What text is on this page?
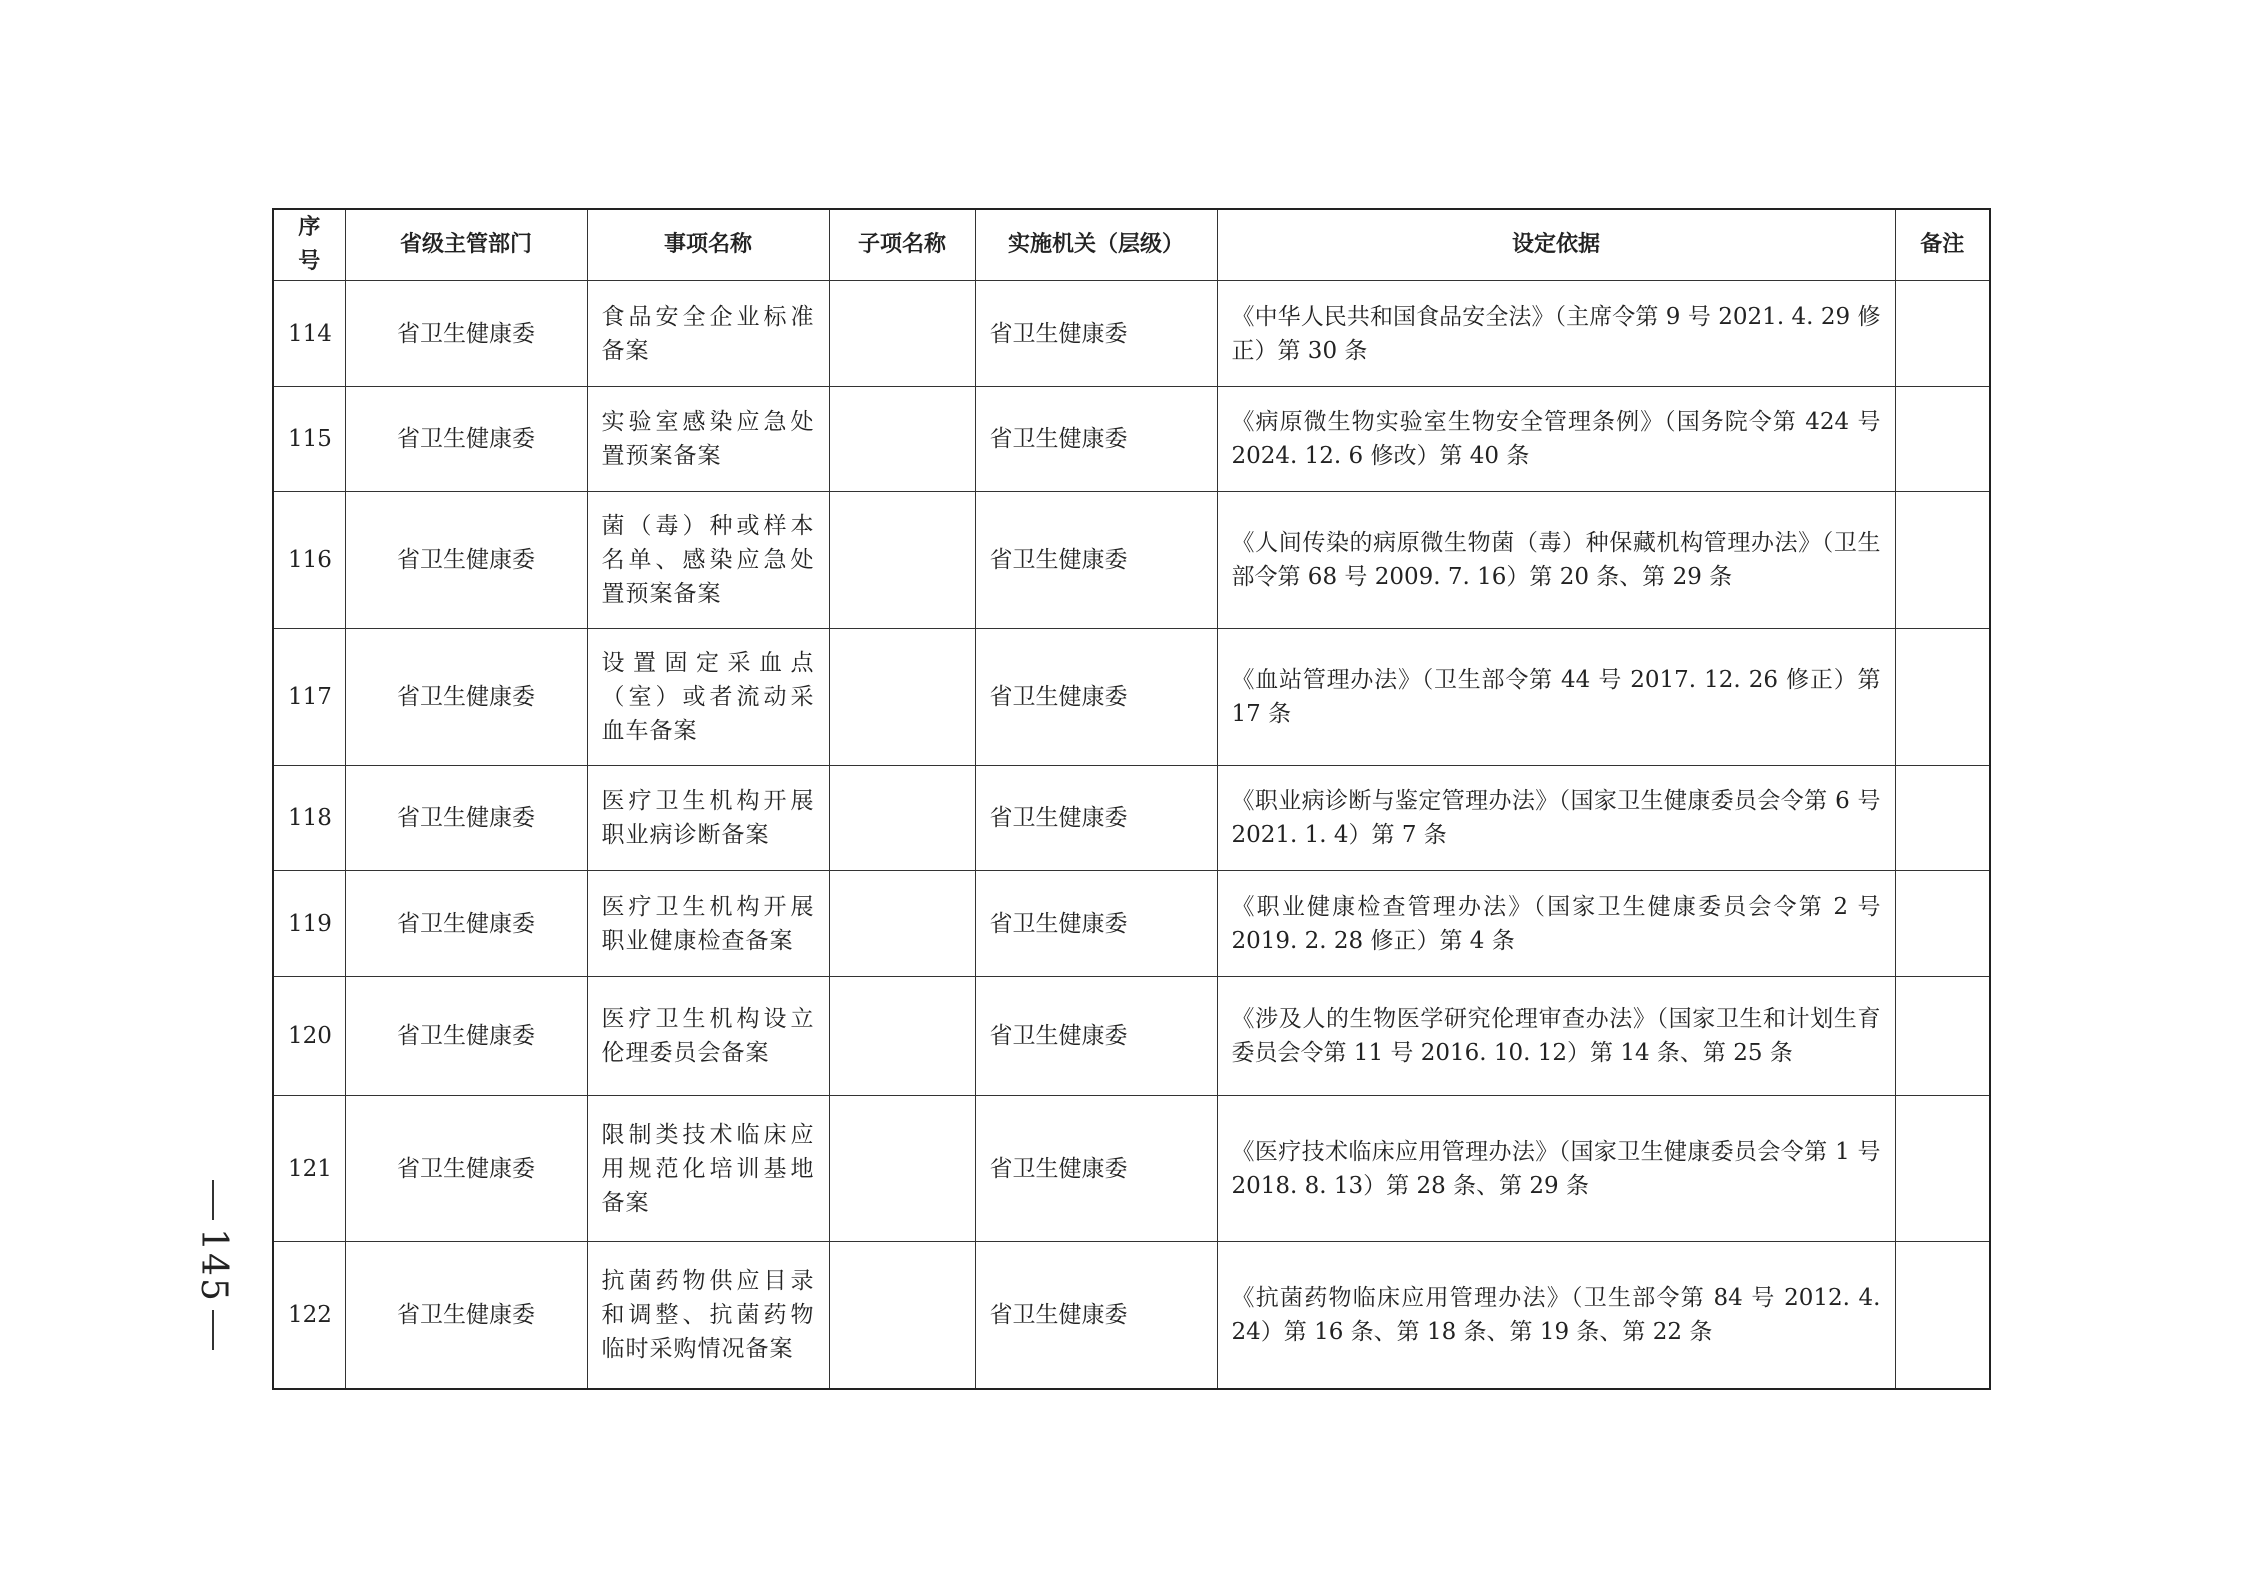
145
序号	省级主管部门	事项名称	子项名称	实施机关（层级）	设定依据	备注
114	省卫生健康委	食品安全企业标准备案		省卫生健康委	《中华人民共和国食品安全法》（主席令第 9 号 2021. 4. 29 修正）第 30 条	
115	省卫生健康委	实验室感染应急处置预案备案		省卫生健康委	《病原微生物实验室生物安全管理条例》（国务院令第 424 号 2024. 12. 6 修改）第 40 条	
116	省卫生健康委	菌（毒）种或样本名单、感染应急处置预案备案		省卫生健康委	《人间传染的病原微生物菌（毒）种保藏机构管理办法》（卫生部令第 68 号 2009. 7. 16）第 20 条、第 29 条	
117	省卫生健康委	设置固定采血点（室）或者流动采血车备案		省卫生健康委	《血站管理办法》（卫生部令第 44 号 2017. 12. 26 修正）第 17 条	
118	省卫生健康委	医疗卫生机构开展职业病诊断备案		省卫生健康委	《职业病诊断与鉴定管理办法》（国家卫生健康委员会令第 6 号 2021. 1. 4）第 7 条	
119	省卫生健康委	医疗卫生机构开展职业健康检查备案		省卫生健康委	《职业健康检查管理办法》（国家卫生健康委员会令第 2 号 2019. 2. 28 修正）第 4 条	
120	省卫生健康委	医疗卫生机构设立伦理委员会备案		省卫生健康委	《涉及人的生物医学研究伦理审查办法》（国家卫生和计划生育委员会令第 11 号 2016. 10. 12）第 14 条、第 25 条	
121	省卫生健康委	限制类技术临床应用规范化培训基地备案		省卫生健康委	《医疗技术临床应用管理办法》（国家卫生健康委员会令第 1 号 2018. 8. 13）第 28 条、第 29 条	
122	省卫生健康委	抗菌药物供应目录和调整、抗菌药物临时采购情况备案		省卫生健康委	《抗菌药物临床应用管理办法》（卫生部令第 84 号 2012. 4. 24）第 16 条、第 18 条、第 19 条、第 22 条	
